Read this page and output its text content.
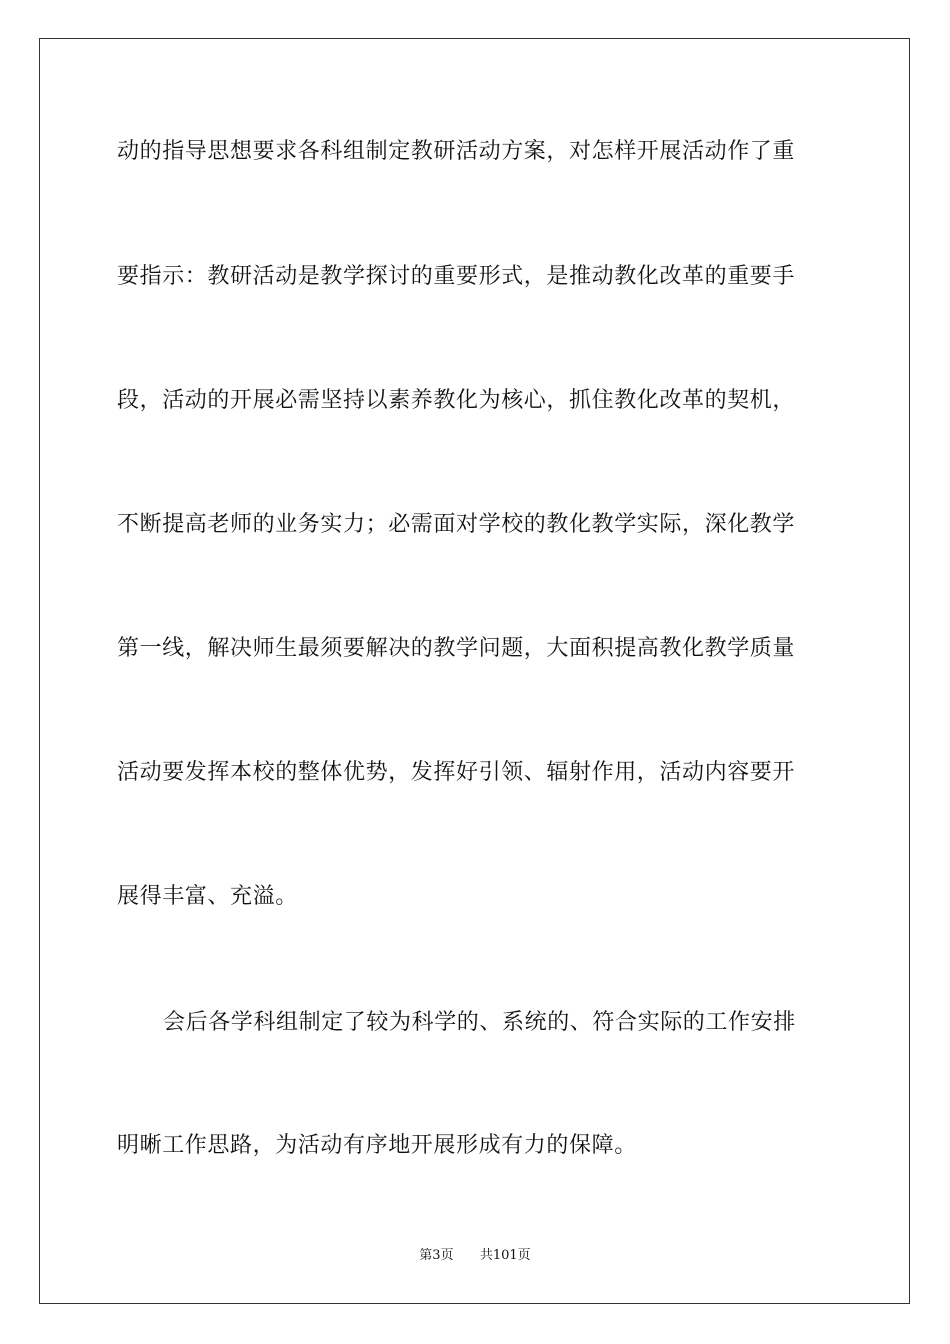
动的指导思想要求各科组制定教研活动方案，对怎样开展活动作了重
要指示：教研活动是教学探讨的重要形式，是推动教化改革的重要手
段，活动的开展必需坚持以素养教化为核心，抓住教化改革的契机，
不断提高老师的业务实力；必需面对学校的教化教学实际，深化教学
第一线，解决师生最须要解决的教学问题，大面积提高教化教学质量
活动要发挥本校的整体优势，发挥好引领、辐射作用，活动内容要开
展得丰富、充溢。
会后各学科组制定了较为科学的、系统的、符合实际的工作安排
明晰工作思路，为活动有序地开展形成有力的保障。
第3页 共101页
